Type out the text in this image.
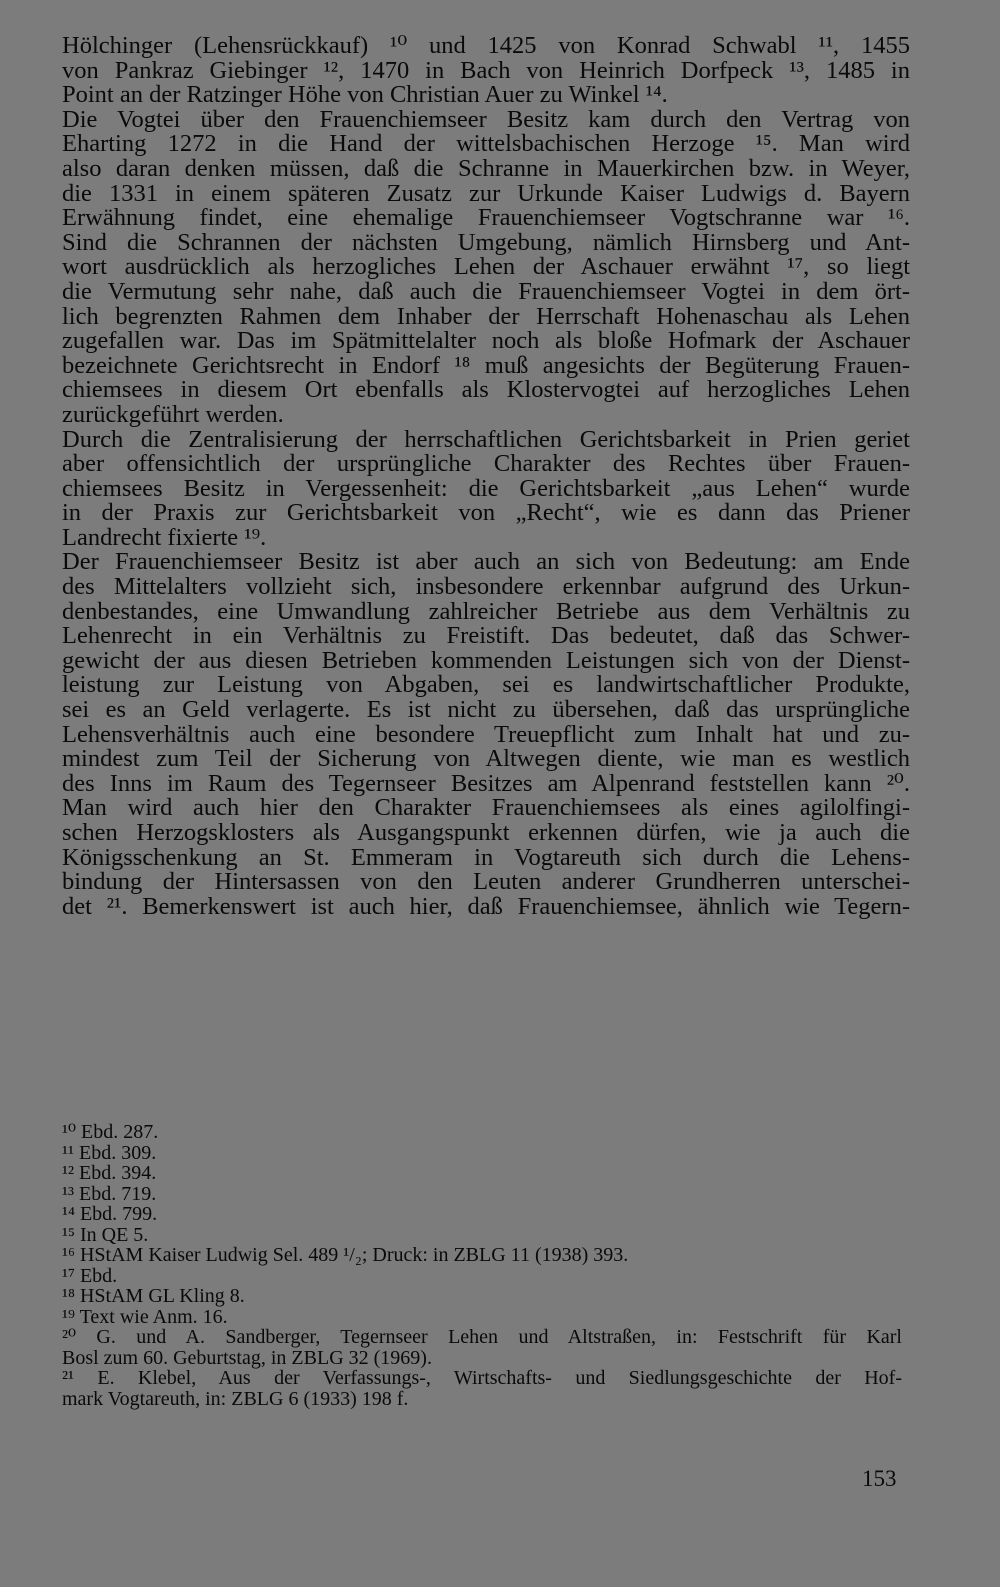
Hölchinger (Lehensrückkauf) ¹⁰ und 1425 von Konrad Schwabl ¹¹, 1455
von Pankraz Giebinger ¹², 1470 in Bach von Heinrich Dorfpeck ¹³, 1485 in
Point an der Ratzinger Höhe von Christian Auer zu Winkel ¹⁴.
Die Vogtei über den Frauenchiemseer Besitz kam durch den Vertrag von
Eharting 1272 in die Hand der wittelsbachischen Herzoge ¹⁵. Man wird
also daran denken müssen, daß die Schranne in Mauerkirchen bzw. in Weyer,
die 1331 in einem späteren Zusatz zur Urkunde Kaiser Ludwigs d. Bayern
Erwähnung findet, eine ehemalige Frauenchiemseer Vogtschranne war ¹⁶.
Sind die Schrannen der nächsten Umgebung, nämlich Hirnsberg und Ant-
wort ausdrücklich als herzogliches Lehen der Aschauer erwähnt ¹⁷, so liegt
die Vermutung sehr nahe, daß auch die Frauenchiemseer Vogtei in dem ört-
lich begrenzten Rahmen dem Inhaber der Herrschaft Hohenaschau als Lehen
zugefallen war. Das im Spätmittelalter noch als bloße Hofmark der Aschauer
bezeichnete Gerichtsrecht in Endorf ¹⁸ muß angesichts der Begüterung Frauen-
chiemsees in diesem Ort ebenfalls als Klostervogtei auf herzogliches Lehen
zurückgeführt werden.
Durch die Zentralisierung der herrschaftlichen Gerichtsbarkeit in Prien geriet
aber offensichtlich der ursprüngliche Charakter des Rechtes über Frauen-
chiemsees Besitz in Vergessenheit: die Gerichtsbarkeit „aus Lehen“ wurde
in der Praxis zur Gerichtsbarkeit von „Recht“, wie es dann das Priener
Landrecht fixierte ¹⁹.
Der Frauenchiemseer Besitz ist aber auch an sich von Bedeutung: am Ende
des Mittelalters vollzieht sich, insbesondere erkennbar aufgrund des Urkun-
denbestandes, eine Umwandlung zahlreicher Betriebe aus dem Verhältnis zu
Lehenrecht in ein Verhältnis zu Freistift. Das bedeutet, daß das Schwer-
gewicht der aus diesen Betrieben kommenden Leistungen sich von der Dienst-
leistung zur Leistung von Abgaben, sei es landwirtschaftlicher Produkte,
sei es an Geld verlagerte. Es ist nicht zu übersehen, daß das ursprüngliche
Lehensverhältnis auch eine besondere Treuepflicht zum Inhalt hat und zu-
mindest zum Teil der Sicherung von Altwegen diente, wie man es westlich
des Inns im Raum des Tegernseer Besitzes am Alpenrand feststellen kann ²⁰.
Man wird auch hier den Charakter Frauenchiemsees als eines agilolfingi-
schen Herzogsklosters als Ausgangspunkt erkennen dürfen, wie ja auch die
Königsschenkung an St. Emmeram in Vogtareuth sich durch die Lehens-
bindung der Hintersassen von den Leuten anderer Grundherren unterschei-
det ²¹. Bemerkenswert ist auch hier, daß Frauenchiemsee, ähnlich wie Tegern-
¹⁰ Ebd. 287.
¹¹ Ebd. 309.
¹² Ebd. 394.
¹³ Ebd. 719.
¹⁴ Ebd. 799.
¹⁵ In QE 5.
¹⁶ HStAM Kaiser Ludwig Sel. 489 ¹/₂; Druck: in ZBLG 11 (1938) 393.
¹⁷ Ebd.
¹⁸ HStAM GL Kling 8.
¹⁹ Text wie Anm. 16.
²⁰ G. und A. Sandberger, Tegernseer Lehen und Altstraßen, in: Festschrift für Karl
Bosl zum 60. Geburtstag, in ZBLG 32 (1969).
²¹ E. Klebel, Aus der Verfassungs-, Wirtschafts- und Siedlungsgeschichte der Hof-
mark Vogtareuth, in: ZBLG 6 (1933) 198 f.
153
